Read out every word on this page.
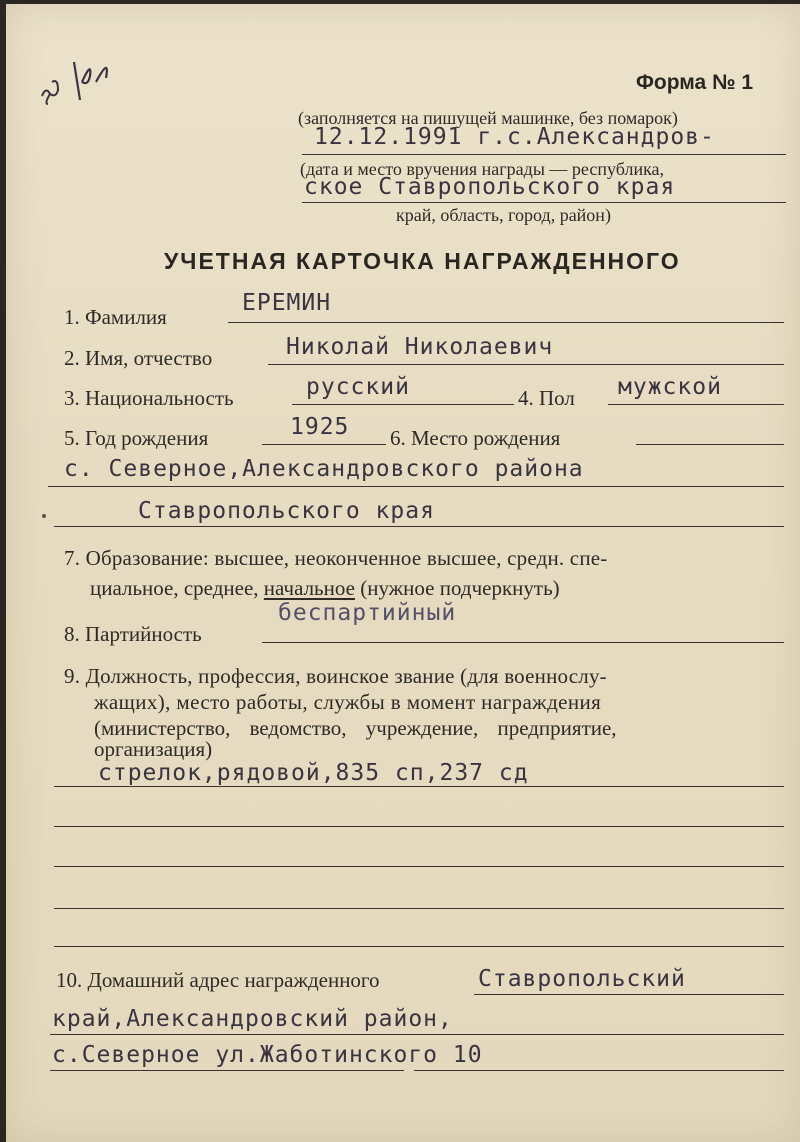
Форма № 1
(заполняется на пишущей машинке, без помарок)
12.12.1991 г.с.Александров-
(дата и место вручения награды — республика,
ское Ставропольского края
край, область, город, район)
УЧЕТНАЯ КАРТОЧКА НАГРАЖДЕННОГО
1. Фамилия
ЕРЕМИН
2. Имя, отчество	Николай Николаевич
3. Национальность	русский	4. Пол мужской
5. Год рождения	1925 6. Место рождения
с. Северное,Александровского района
Ставропольского края
7. Образование: высшее, неоконченное высшее, средн. спе-
циальное, среднее, начальное (нужное подчеркнуть)
8. Партийность
беспартийный
9. Должность, профессия, воинское звание (для военнослу-
жащих), место работы, службы в момент награждения
(министерство, ведомство, учреждение, предприятие,
организация)
стрелок,рядовой,835 сп,237 сд
10. Домашний адрес награжденного	Ставропольский
край,Александровский район,
с.Северное ул.Жаботинского 10
